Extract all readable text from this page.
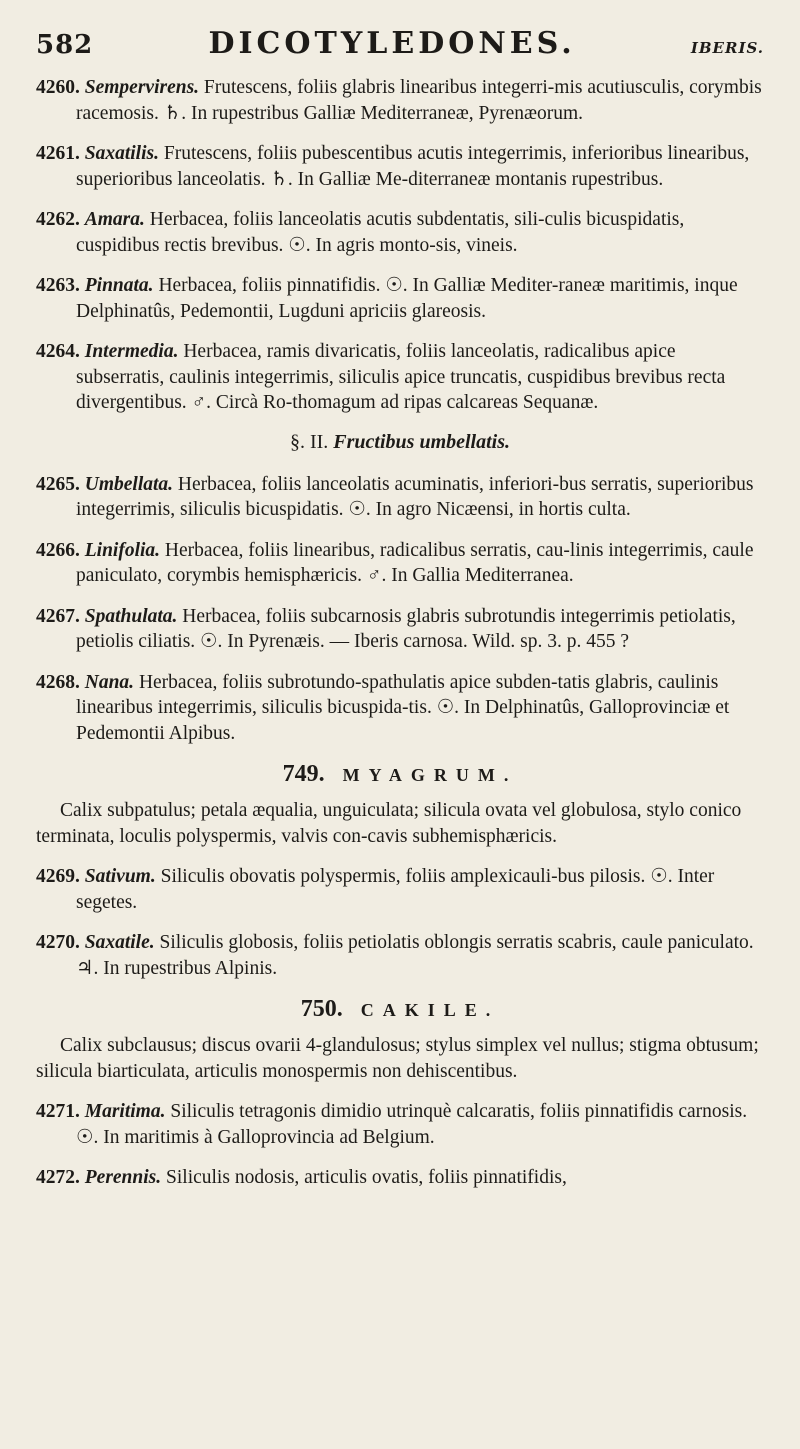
582	DICOTYLEDONES.	IBERIS.

4260. Sempervirens. Frutescens, foliis glabris linearibus integerri-mis acutiusculis, corymbis racemosis. ♄. In rupestribus Galliæ Mediterraneæ, Pyrenæorum.

4261. Saxatilis. Frutescens, foliis pubescentibus acutis integerrimis, inferioribus linearibus, superioribus lanceolatis. ♄. In Galliæ Me-diterraneæ montanis rupestribus.

4262. Amara. Herbacea, foliis lanceolatis acutis subdentatis, sili-culis bicuspidatis, cuspidibus rectis brevibus. ☉. In agris monto-sis, vineis.

4263. Pinnata. Herbacea, foliis pinnatifidis. ☉. In Galliæ Mediter-raneæ maritimis, inque Delphinatûs, Pedemontii, Lugduni apriciis glareosis.

4264. Intermedia. Herbacea, ramis divaricatis, foliis lanceolatis, radicalibus apice subserratis, caulinis integerrimis, siliculis apice truncatis, cuspidibus brevibus recta divergentibus. ♂. Circà Ro-thomagum ad ripas calcareas Sequanæ.

§. II. Fructibus umbellatis.

4265. Umbellata. Herbacea, foliis lanceolatis acuminatis, inferiori-bus serratis, superioribus integerrimis, siliculis bicuspidatis. ☉. In agro Nicæensi, in hortis culta.

4266. Linifolia. Herbacea, foliis linearibus, radicalibus serratis, cau-linis integerrimis, caule paniculato, corymbis hemisphæricis. ♂. In Gallia Mediterranea.

4267. Spathulata. Herbacea, foliis subcarnosis glabris subrotundis integerrimis petiolatis, petiolis ciliatis. ☉. In Pyrenæis. — Iberis carnosa. Wild. sp. 3. p. 455 ?

4268. Nana. Herbacea, foliis subrotundo-spathulatis apice subden-tatis glabris, caulinis linearibus integerrimis, siliculis bicuspida-tis. ☉. In Delphinatûs, Galloprovinciæ et Pedemontii Alpibus.

749. MYAGRUM.

Calix subpatulus; petala æqualia, unguiculata; silicula ovata vel globulosa, stylo conico terminata, loculis polyspermis, valvis con-cavis subhemisphæricis.

4269. Sativum. Siliculis obovatis polyspermis, foliis amplexicauli-bus pilosis. ☉. Inter segetes.

4270. Saxatile. Siliculis globosis, foliis petiolatis oblongis serratis scabris, caule paniculato. ♃. In rupestribus Alpinis.

750. CAKILE.

Calix subclausus; discus ovarii 4-glandulosus; stylus simplex vel nullus; stigma obtusum; silicula biarticulata, articulis monospermis non dehiscentibus.

4271. Maritima. Siliculis tetragonis dimidio utrinquè calcaratis, foliis pinnatifidis carnosis. ☉. In maritimis à Galloprovincia ad Belgium.

4272. Perennis. Siliculis nodosis, articulis ovatis, foliis pinnatifidis,
